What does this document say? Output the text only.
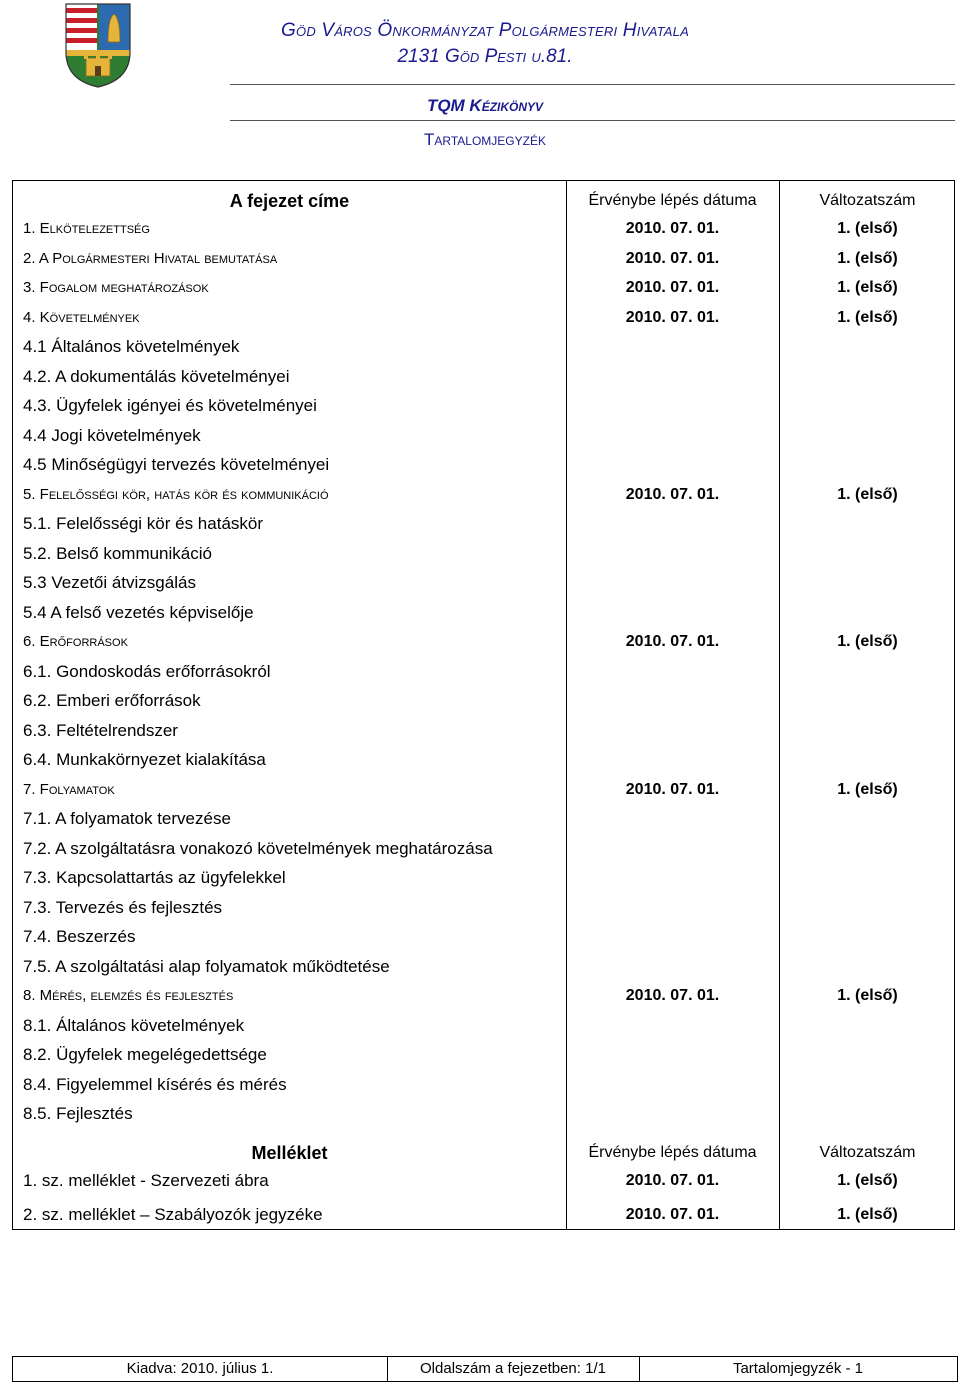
Göd Város Önkormányzat Polgármesteri Hivatala
2131 Göd Pesti u.81.
TQM Kézikönyv
Tartalomjegyzék
A fejezet címe	Érvénybe lépés dátuma	Változatszám
1. Elkötelezettség	2010. 07. 01.	1. (első)
2. A Polgármesteri Hivatal bemutatása	2010. 07. 01.	1. (első)
3. Fogalom meghatározások	2010. 07. 01.	1. (első)
4. Követelmények	2010. 07. 01.	1. (első)
4.1 Általános követelmények
4.2. A dokumentálás követelményei
4.3. Ügyfelek igényei és követelményei
4.4 Jogi követelmények
4.5 Minőségügyi tervezés követelményei
5. Felelősségi kör, hatás kör és kommunikáció	2010. 07. 01.	1. (első)
5.1. Felelősségi kör és hatáskör
5.2. Belső kommunikáció
5.3 Vezetői átvizsgálás
5.4 A felső vezetés képviselője
6. Erőforrások	2010. 07. 01.	1. (első)
6.1. Gondoskodás erőforrásokról
6.2. Emberi erőforrások
6.3. Feltételrendszer
6.4. Munkakörnyezet kialakítása
7. Folyamatok	2010. 07. 01.	1. (első)
7.1. A folyamatok tervezése
7.2. A szolgáltatásra vonakozó követelmények meghatározása
7.3. Kapcsolattartás az ügyfelekkel
7.3. Tervezés és fejlesztés
7.4. Beszerzés
7.5. A szolgáltatási alap folyamatok működtetése
8. Mérés, elemzés és fejlesztés	2010. 07. 01.	1. (első)
8.1. Általános követelmények
8.2. Ügyfelek megelégedettsége
8.4. Figyelemmel kísérés és mérés
8.5. Fejlesztés
Melléklet	Érvénybe lépés dátuma	Változatszám
1. sz. melléklet - Szervezeti ábra	2010. 07. 01.	1. (első)
2. sz. melléklet – Szabályozók jegyzéke	2010. 07. 01.	1. (első)
Kiadva: 2010. július 1.	Oldalszám a fejezetben: 1/1	Tartalomjegyzék - 1
